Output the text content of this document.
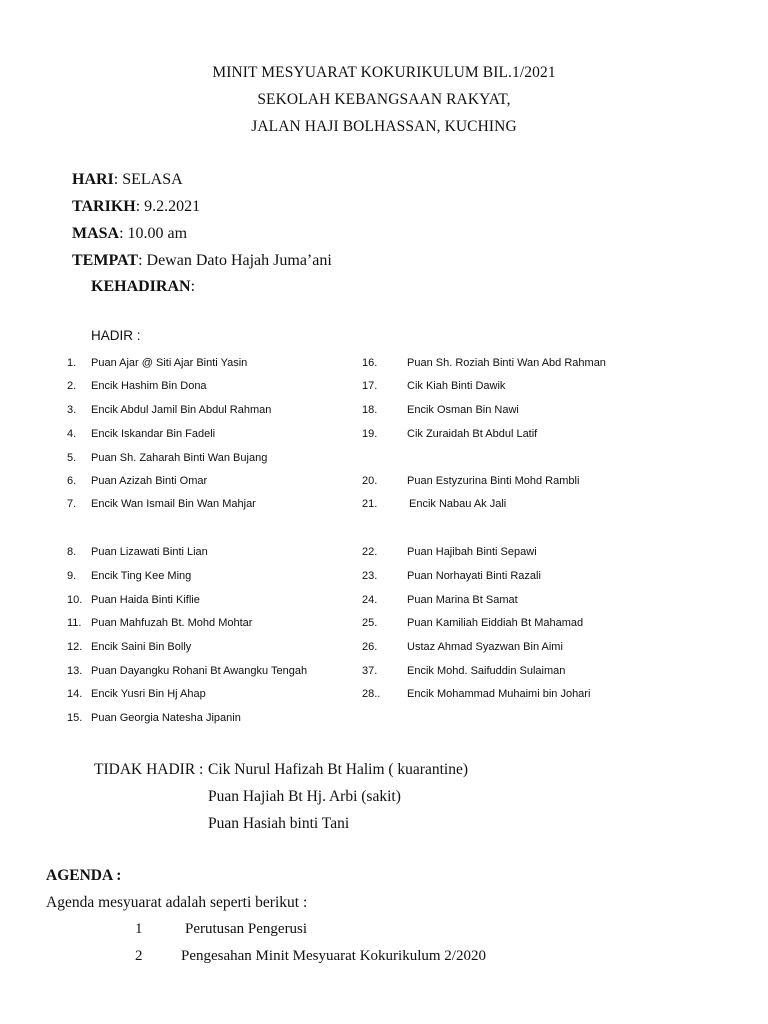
MINIT MESYUARAT KOKURIKULUM BIL.1/2021
SEKOLAH KEBANGSAAN RAKYAT,
JALAN HAJI BOLHASSAN, KUCHING
HARI: SELASA
TARIKH: 9.2.2021
MASA: 10.00 am
TEMPAT: Dewan Dato Hajah Juma’ani
KEHADIRAN:
HADIR :
1. Puan Ajar @ Siti Ajar Binti Yasin
2. Encik Hashim Bin Dona
3. Encik Abdul Jamil Bin Abdul Rahman
4. Encik Iskandar Bin Fadeli
5. Puan Sh. Zaharah Binti Wan Bujang
6. Puan Azizah Binti Omar
7. Encik Wan Ismail Bin Wan Mahjar
8. Puan Lizawati Binti Lian
9. Encik Ting Kee Ming
10. Puan Haida Binti Kiflie
11. Puan Mahfuzah Bt. Mohd Mohtar
12. Encik Saini Bin Bolly
13. Puan Dayangku Rohani Bt Awangku Tengah
14. Encik Yusri Bin Hj Ahap
15. Puan Georgia Natesha Jipanin
16.	Puan Sh. Roziah Binti Wan Abd Rahman
17.	Cik Kiah Binti Dawik
18.	Encik Osman Bin Nawi
19.	Cik Zuraidah Bt Abdul Latif
20.	Puan Estyzurina Binti Mohd Rambli
21.	Encik Nabau Ak Jali
22.	Puan Hajibah Binti Sepawi
23.	Puan Norhayati Binti Razali
24.	Puan Marina Bt Samat
25.	Puan Kamiliah Eiddiah Bt Mahamad
26.	Ustaz Ahmad Syazwan Bin Aimi
37.	Encik Mohd. Saifuddin Sulaiman
28.. Encik Mohammad Muhaimi bin Johari
TIDAK HADIR : Cik Nurul Hafizah Bt Halim ( kuarantine)
Puan Hajiah Bt Hj. Arbi (sakit)
Puan Hasiah binti Tani
AGENDA :
Agenda mesyuarat adalah seperti berikut :
1	Perutusan Pengerusi
2	Pengesahan Minit Mesyuarat Kokurikulum 2/2020
